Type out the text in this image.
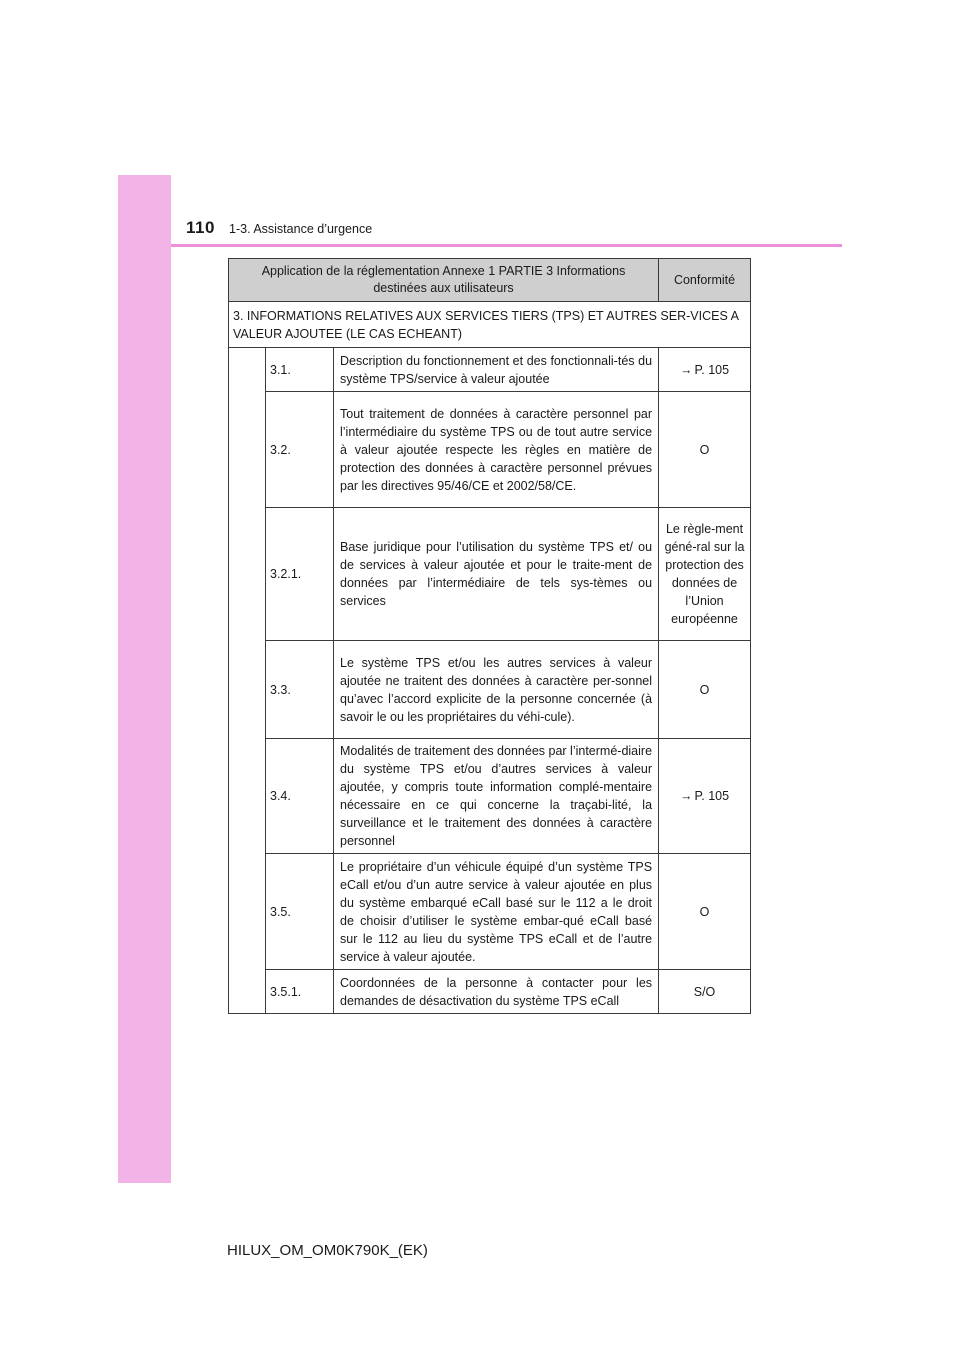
110 1-3. Assistance d’urgence
Application de la réglementation Annexe 1 PARTIE 3 Informations destinées aux utilisateurs			Conformité
3. INFORMATIONS RELATIVES AUX SERVICES TIERS (TPS) ET AUTRES SER-VICES A VALEUR AJOUTEE (LE CAS ECHEANT)			
	3.1.	Description du fonctionnement et des fonctionnali-tés du système TPS/service à valeur ajoutée	→ P. 105
	3.2.	Tout traitement de données à caractère personnel par l’intermédiaire du système TPS ou de tout autre service à valeur ajoutée respecte les règles en matière de protection des données à caractère personnel prévues par les directives 95/46/CE et 2002/58/CE.	O
	3.2.1.	Base juridique pour l’utilisation du système TPS et/ ou de services à valeur ajoutée et pour le traite-ment de données par l’intermédiaire de tels sys-tèmes ou services	Le règle-ment géné-ral sur la protection des données de l’Union européenne
	3.3.	Le système TPS et/ou les autres services à valeur ajoutée ne traitent des données à caractère per-sonnel qu’avec l’accord explicite de la personne concernée (à savoir le ou les propriétaires du véhi-cule).	O
	3.4.	Modalités de traitement des données par l’intermé-diaire du système TPS et/ou d’autres services à valeur ajoutée, y compris toute information complé-mentaire nécessaire en ce qui concerne la traçabi-lité, la surveillance et le traitement des données à caractère personnel	→ P. 105
	3.5.	Le propriétaire d’un véhicule équipé d’un système TPS eCall et/ou d’un autre service à valeur ajoutée en plus du système embarqué eCall basé sur le 112 a le droit de choisir d’utiliser le système embar-qué eCall basé sur le 112 au lieu du système TPS eCall et de l’autre service à valeur ajoutée.	O
	3.5.1.	Coordonnées de la personne à contacter pour les demandes de désactivation du système TPS eCall	S/O
HILUX_OM_OM0K790K_(EK)
